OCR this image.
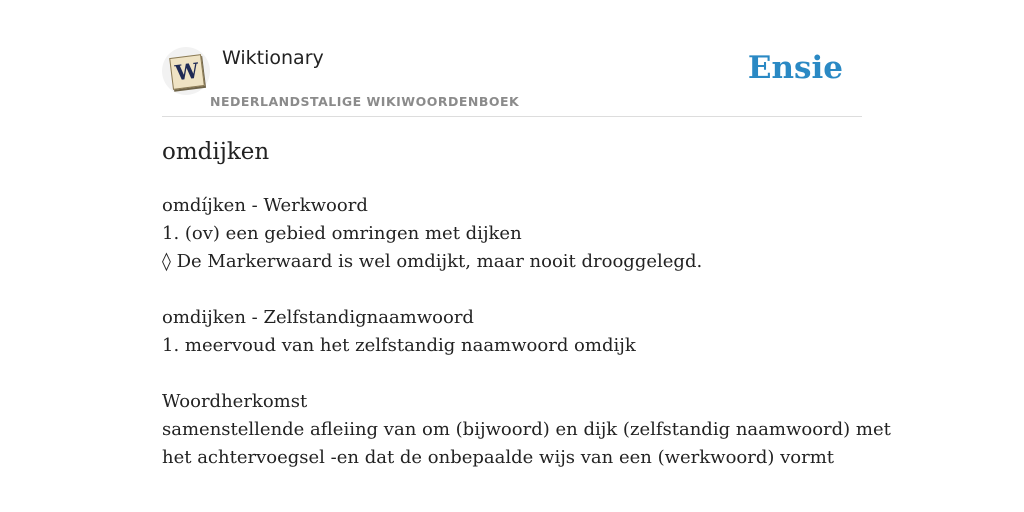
W Wiktionary
NEDERLANDSTALIGE WIKIWOORDENBOEK
Ensie
omdijken
omdíjken - Werkwoord
1. (ov) een gebied omringen met dijken
◊ De Markerwaard is wel omdijkt, maar nooit drooggelegd.
omdijken - Zelfstandignaamwoord
1. meervoud van het zelfstandig naamwoord omdijk
Woordherkomst
samenstellende afleiing van om (bijwoord) en dijk (zelfstandig naamwoord) met
het achtervoegsel -en dat de onbepaalde wijs van een (werkwoord) vormt
